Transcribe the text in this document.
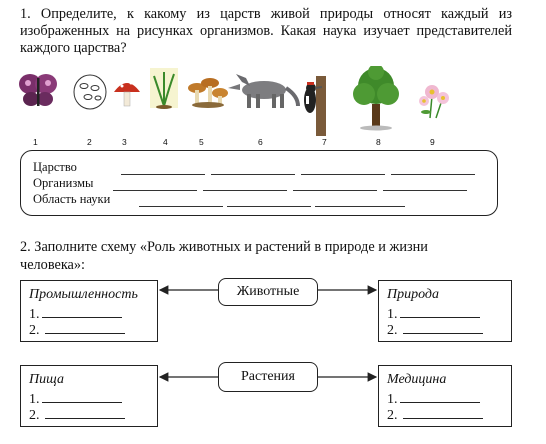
1. Определите, к какому из царств живой природы относят каждый из изображенных на рисунках организмов. Какая наука изучает представителей каждого царства?
1	2	3	4	5	6	7	8	9
Царство
Организмы
Область науки
2. Заполните схему «Роль животных и растений в природе и жизни человека»:
Промышленность
1.
2.
Животные	Природа
1.
2.
Пища
1.
2.
Растения	Медицина
1.
2.
